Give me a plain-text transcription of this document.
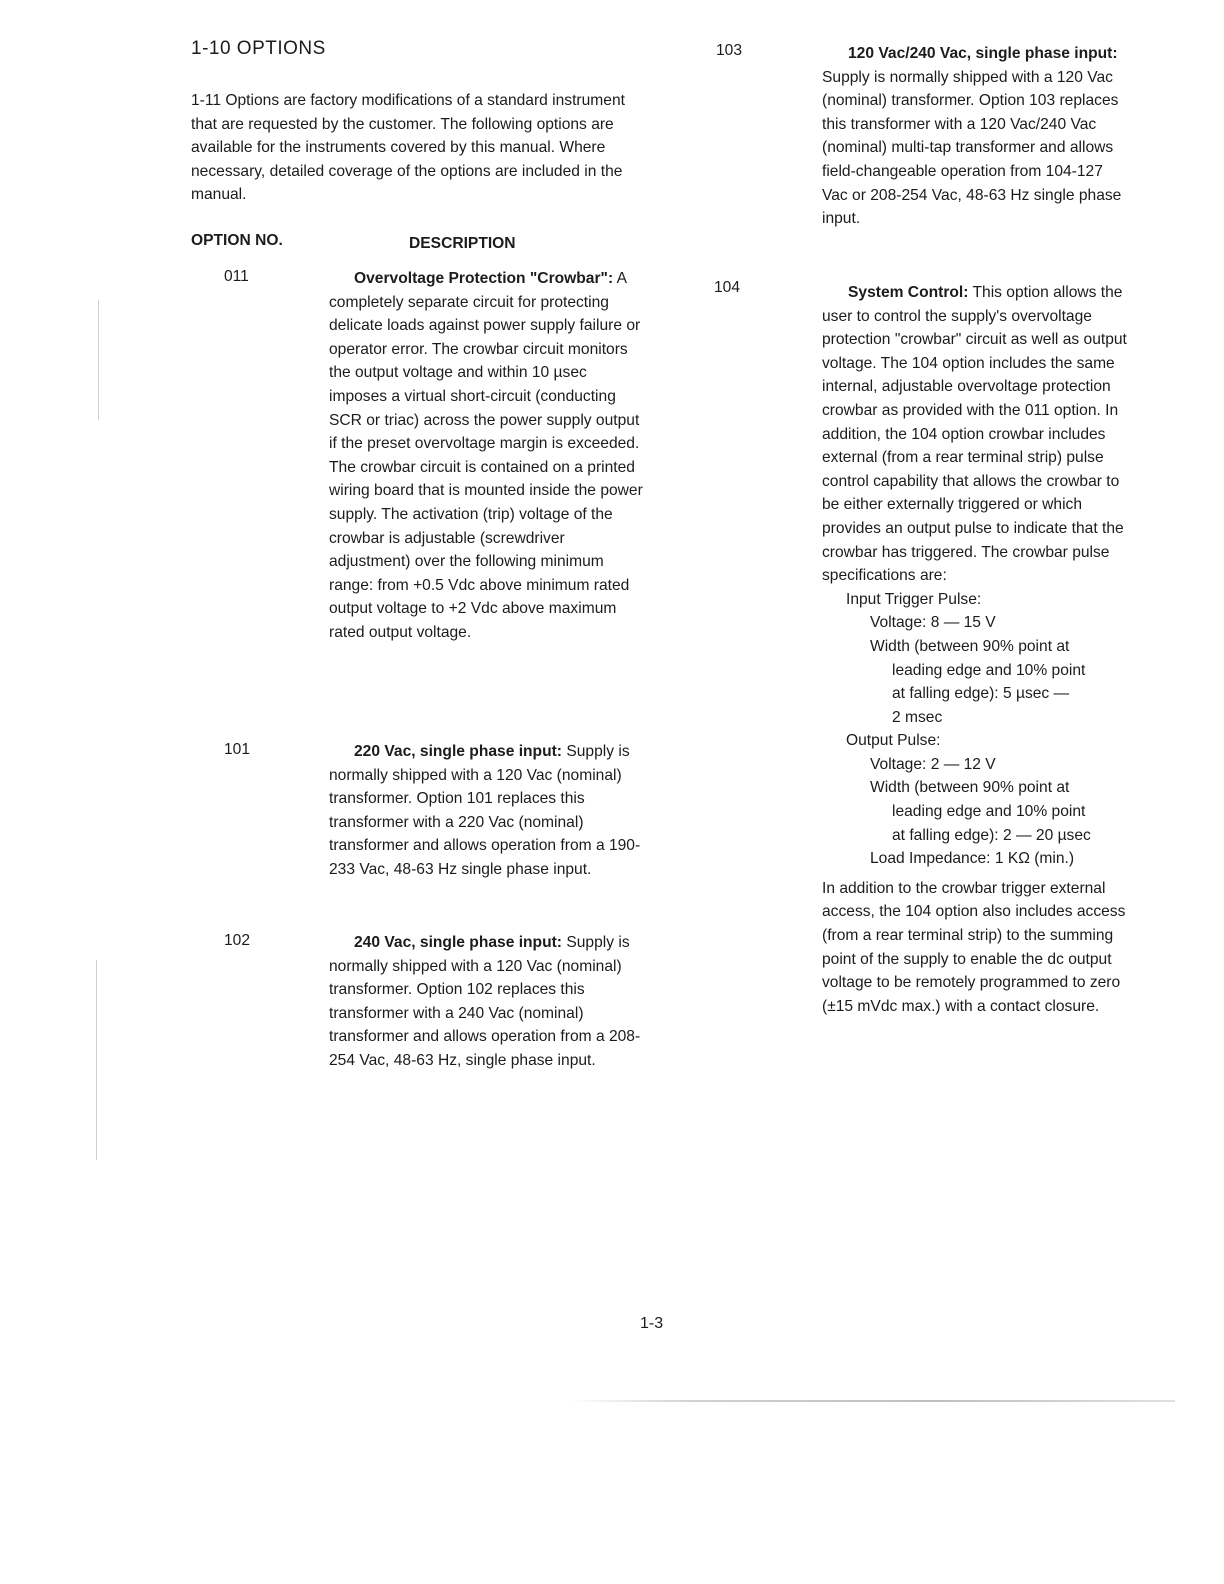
1-10 OPTIONS

1-11 Options are factory modifications of a standard instrument that are requested by the customer. The following options are available for the instruments covered by this manual. Where necessary, detailed coverage of the options are included in the manual.

OPTION NO.	DESCRIPTION
011	Overvoltage Protection "Crowbar": A completely separate circuit for protecting delicate loads against power supply failure or operator error. The crowbar circuit monitors the output voltage and within 10 µsec imposes a virtual short-circuit (conducting SCR or triac) across the power supply output if the preset overvoltage margin is exceeded. The crowbar circuit is contained on a printed wiring board that is mounted inside the power supply. The activation (trip) voltage of the crowbar is adjustable (screwdriver adjustment) over the following minimum range: from +0.5 Vdc above minimum rated output voltage to +2 Vdc above maximum rated output voltage.

101	220 Vac, single phase input: Supply is normally shipped with a 120 Vac (nominal) transformer. Option 101 replaces this transformer with a 220 Vac (nominal) transformer and allows operation from a 190-233 Vac, 48-63 Hz single phase input.

102	240 Vac, single phase input: Supply is normally shipped with a 120 Vac (nominal) transformer. Option 102 replaces this transformer with a 240 Vac (nominal) transformer and allows operation from a 208-254 Vac, 48-63 Hz, single phase input.

103	120 Vac/240 Vac, single phase input: Supply is normally shipped with a 120 Vac (nominal) transformer. Option 103 replaces this transformer with a 120 Vac/240 Vac (nominal) multi-tap transformer and allows field-changeable operation from 104-127 Vac or 208-254 Vac, 48-63 Hz single phase input.

104	System Control: This option allows the user to control the supply's overvoltage protection "crowbar" circuit as well as output voltage. The 104 option includes the same internal, adjustable overvoltage protection crowbar as provided with the 011 option. In addition, the 104 option crowbar includes external (from a rear terminal strip) pulse control capability that allows the crowbar to be either externally triggered or which provides an output pulse to indicate that the crowbar has triggered. The crowbar pulse specifications are:
Input Trigger Pulse:
Voltage: 8 — 15 V
Width (between 90% point at
leading edge and 10% point
at falling edge): 5 µsec —
2 msec
Output Pulse:
Voltage: 2 — 12 V
Width (between 90% point at
leading edge and 10% point
at falling edge): 2 — 20 µsec
Load Impedance: 1 KΩ (min.)
In addition to the crowbar trigger external access, the 104 option also includes access (from a rear terminal strip) to the summing point of the supply to enable the dc output voltage to be remotely programmed to zero (±15 mVdc max.) with a contact closure.
1-3
